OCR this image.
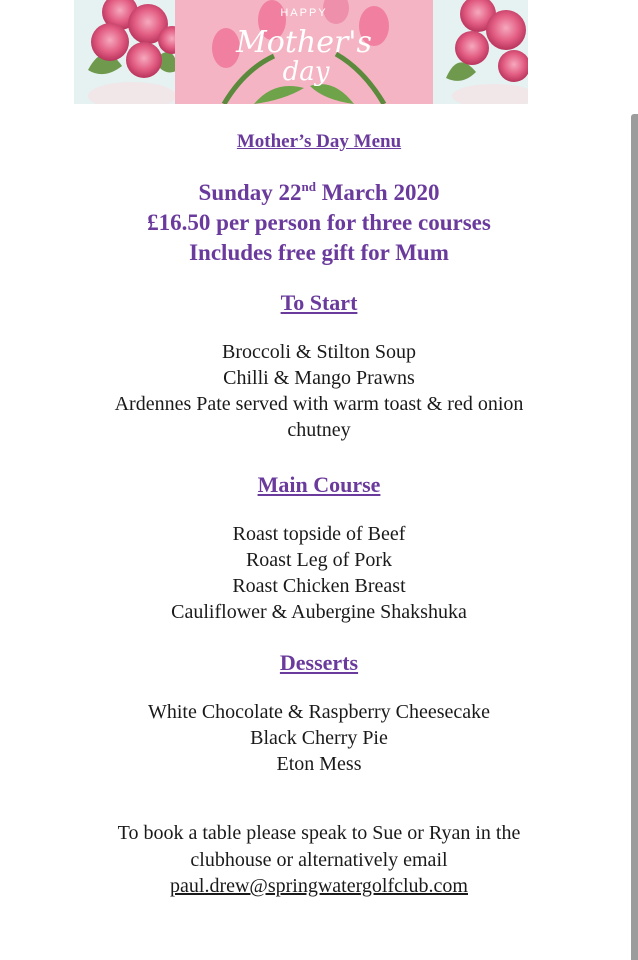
HAPPY
Mother's
day
Mother’s Day Menu
Sunday 22nd March 2020
£16.50 per person for three courses
Includes free gift for Mum
To Start
Broccoli & Stilton Soup
Chilli & Mango Prawns
Ardennes Pate served with warm toast & red onion
chutney
Main Course
Roast topside of Beef
Roast Leg of Pork
Roast Chicken Breast
Cauliflower & Aubergine Shakshuka
Desserts
White Chocolate & Raspberry Cheesecake
Black Cherry Pie
Eton Mess
To book a table please speak to Sue or Ryan in the
clubhouse or alternatively email
paul.drew@springwatergolfclub.com
